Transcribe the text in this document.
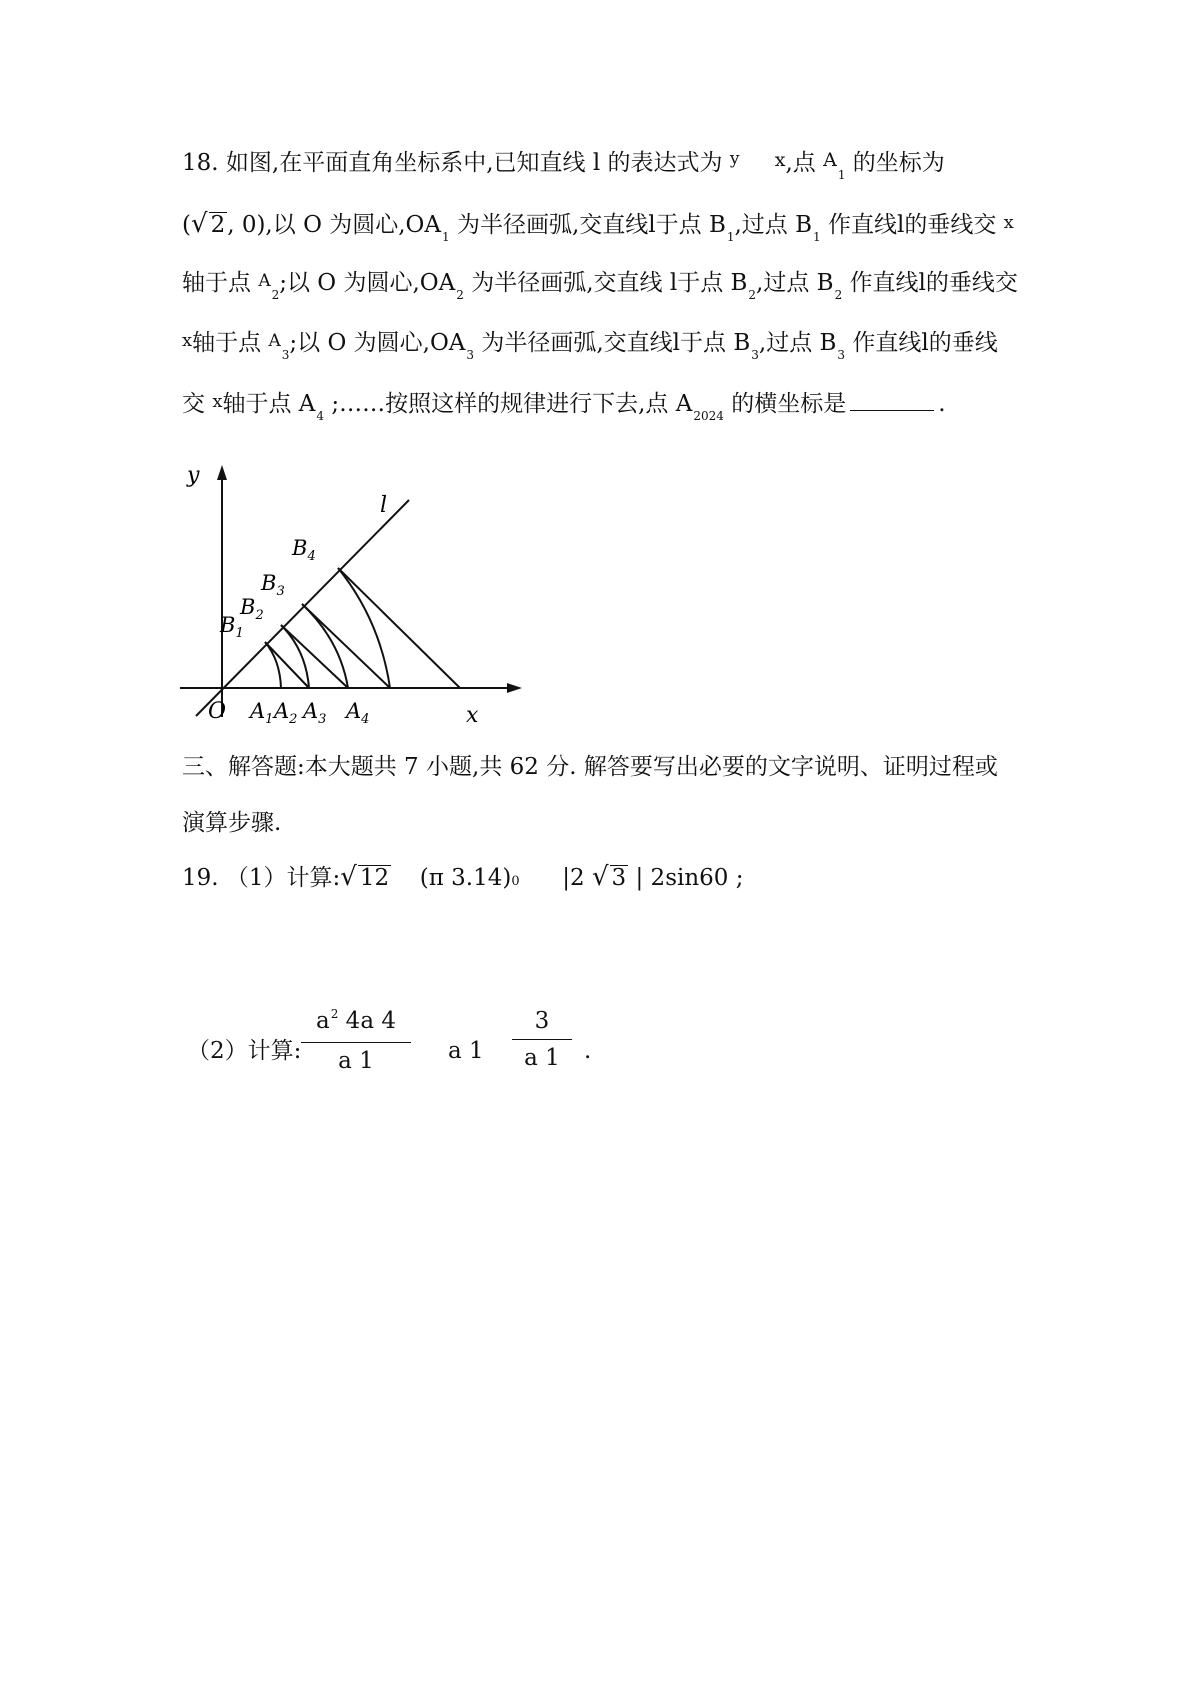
18. 如图,在平面直角坐标系中,已知直线 l 的表达式为 $^y$ x,点 $A_1$ 的坐标为
(√ 2, 0),以 O 为圆心$,OA_1$ 为半径画弧,交直线l于点 $B_1$,过点 $B_1$ 作直线l的垂线交 x
轴于点 $A_2$;以 O 为圆心$,OA_2$ 为半径画弧,交直线 l于点 $B_2$,过点 $B_2$ 作直线l的垂线交
x轴于点 $A_3$;以 O 为圆心$,OA_3$ 为半径画弧,交直线l于点 $B_3$,过点 $B_3$ 作直线l的垂线
交 x轴于点 $A_4$ ;……按照这样的规律进行下去,点 $A_{2024}$ 的横坐标是	.
y
x
l
O
$B_1$
$B_2$
$B_3$
$B_4$
$A_1$ $A_2$ $A_3$ $A_4$
三、解答题:本大题共 7 小题,共 62 分. 解答要写出必要的文字说明、证明过程或
演算步骤.
19. （1）计算:√ 12 (π 3.14)0 |2 √ 3 | 2sin60 ;
（2）计算: $\frac{a^2 4a 4}{a 1}$ a $1 \frac{3}{a 1}$ .
